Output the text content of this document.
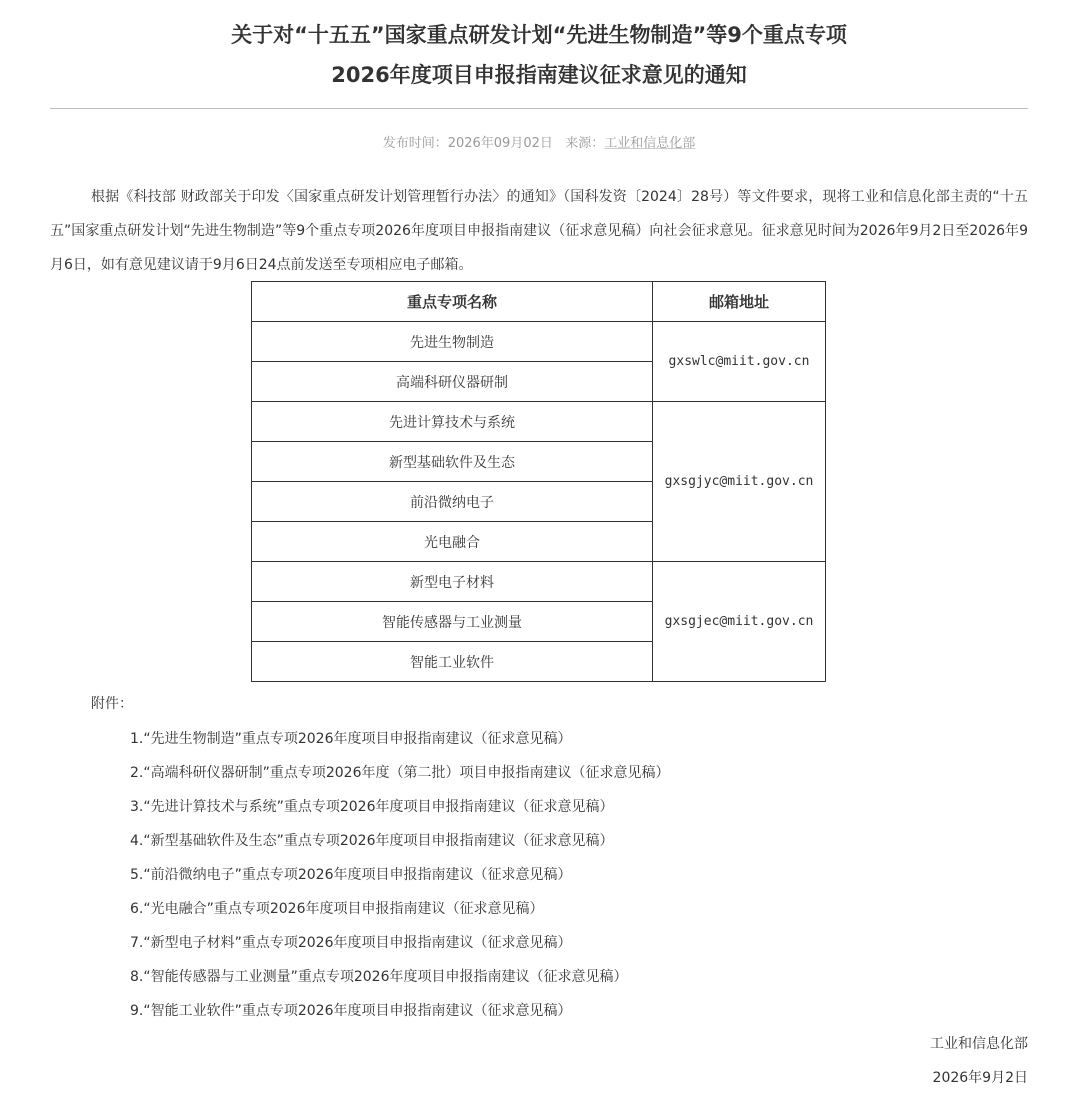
关于对“十五五”国家重点研发计划“先进生物制造”等9个重点专项
2026年度项目申报指南建议征求意见的通知
发布时间：2026年09月02日 来源：工业和信息化部

根据《科技部 财政部关于印发〈国家重点研发计划管理暂行办法〉的通知》（国科发资〔2024〕28号）等文件要求，现将工业和信息化部主责的“十五五”国家重点研发计划“先进生物制造”等9个重点专项2026年度项目申报指南建议（征求意见稿）向社会征求意见。征求意见时间为2026年9月2日至2026年9月6日，如有意见建议请于9月6日24点前发送至专项相应电子邮箱。

重点专项名称	邮箱地址
先进生物制造	gxswlc@miit.gov.cn
高端科研仪器研制	
先进计算技术与系统	gxsgjyc@miit.gov.cn
新型基础软件及生态	
前沿微纳电子	
光电融合	
新型电子材料	gxsgjec@miit.gov.cn
智能传感器与工业测量	
智能工业软件	
附件：
1.“先进生物制造”重点专项2026年度项目申报指南建议（征求意见稿）
2.“高端科研仪器研制”重点专项2026年度（第二批）项目申报指南建议（征求意见稿）
3.“先进计算技术与系统”重点专项2026年度项目申报指南建议（征求意见稿）
4.“新型基础软件及生态”重点专项2026年度项目申报指南建议（征求意见稿）
5.“前沿微纳电子”重点专项2026年度项目申报指南建议（征求意见稿）
6.“光电融合”重点专项2026年度项目申报指南建议（征求意见稿）
7.“新型电子材料”重点专项2026年度项目申报指南建议（征求意见稿）
8.“智能传感器与工业测量”重点专项2026年度项目申报指南建议（征求意见稿）
9.“智能工业软件”重点专项2026年度项目申报指南建议（征求意见稿）
工业和信息化部
2026年9月2日
